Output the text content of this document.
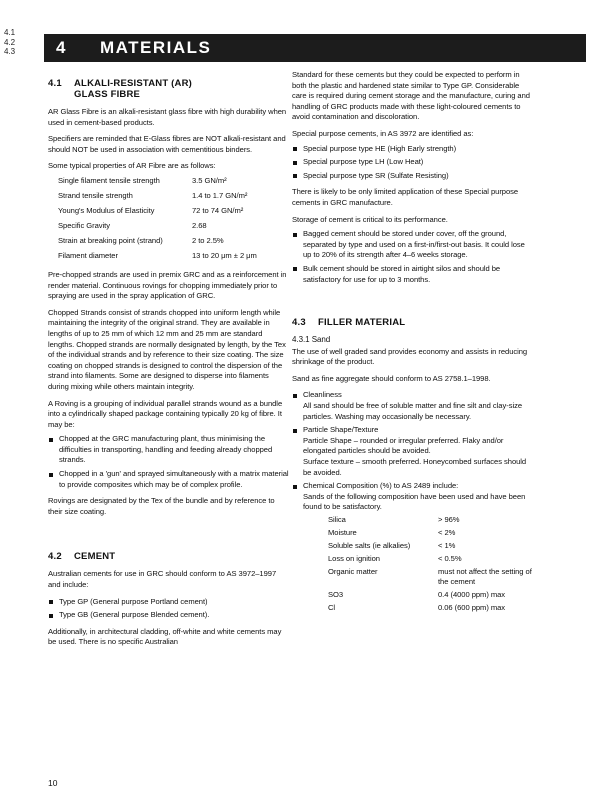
4.1
4.2
4.3 4	MATERIALS
4.1	ALKALI-RESISTANT (AR)
GLASS FIBRE

AR Glass Fibre is an alkali-resistant glass fibre with high durability when used in cement-based products.

Specifiers are reminded that E-Glass fibres are NOT alkali-resistant and should NOT be used in association with cementitious binders.

Some typical properties of AR Fibre are as follows:

Single filament tensile strength	3.5 GN/m²
Strand tensile strength	1.4 to 1.7 GN/m²
Young's Modulus of Elasticity	72 to 74 GN/m²
Specific Gravity	2.68
Strain at breaking point (strand)	2 to 2.5%
Filament diameter	13 to 20 μm ± 2 μm

Pre-chopped strands are used in premix GRC and as a reinforcement in render material. Continuous rovings for chopping immediately prior to spraying are used in the spray application of GRC.

Chopped Strands consist of strands chopped into uniform length while maintaining the integrity of the original strand. They are available in lengths of up to 25 mm of which 12 mm and 25 mm are standard lengths. Chopped strands are normally designated by length, by the Tex of the individual strands and by reference to their size coating. The size coating on chopped strands is designed to control the dispersion of the strand into filaments. Some are designed to disperse into filaments during mixing while others maintain integrity.

A Roving is a grouping of individual parallel strands wound as a bundle into a cylindrically shaped package containing typically 20 kg of fibre. It may be:

Chopped at the GRC manufacturing plant, thus minimising the difficulties in transporting, handling and feeding already chopped strands.
Chopped in a 'gun' and sprayed simultaneously with a matrix material to provide composites which may be of complex profile.

Rovings are designated by the Tex of the bundle and by reference to their size coating.

4.2	CEMENT

Australian cements for use in GRC should conform to AS 3972–1997 and include:

Type GP (General purpose Portland cement)
Type GB (General purpose Blended cement).

Additionally, in architectural cladding, off-white and white cements may be used. There is no specific Australian

Standard for these cements but they could be expected to perform in both the plastic and hardened state similar to Type GP. Considerable care is required during cement storage and the manufacture, curing and handling of GRC products made with these light-coloured cements to avoid contamination and discoloration.

Special purpose cements, in AS 3972 are identified as:

Special purpose type HE (High Early strength)
Special purpose type LH (Low Heat)
Special purpose type SR (Sulfate Resisting)

There is likely to be only limited application of these Special purpose cements in GRC manufacture.

Storage of cement is critical to its performance.

Bagged cement should be stored under cover, off the ground, separated by type and used on a first-in/first-out basis. It could lose up to 20% of its strength after 4–6 weeks storage.
Bulk cement should be stored in airtight silos and should be satisfactory for use for up to 3 months.
4.3	FILLER MATERIAL
4.3.1 Sand

The use of well graded sand provides economy and assists in reducing shrinkage of the product.

Sand as fine aggregate should conform to AS 2758.1–1998.

Cleanliness
All sand should be free of soluble matter and fine silt and clay-size particles. Washing may occasionally be necessary.
Particle Shape/Texture
Particle Shape – rounded or irregular preferred. Flaky and/or elongated particles should be avoided.
Surface texture – smooth preferred. Honeycombed surfaces should be avoided.
Chemical Composition (%) to AS 2489 include:
Sands of the following composition have been used and have been found to be satisfactory.
Silica	> 96%
Moisture	< 2%
Soluble salts (ie alkalies)	< 1%
Loss on ignition	< 0.5%
Organic matter	must not affect the setting of the cement
SO3	0.4 (4000 ppm) max
Cl	0.06 (600 ppm) max
10
